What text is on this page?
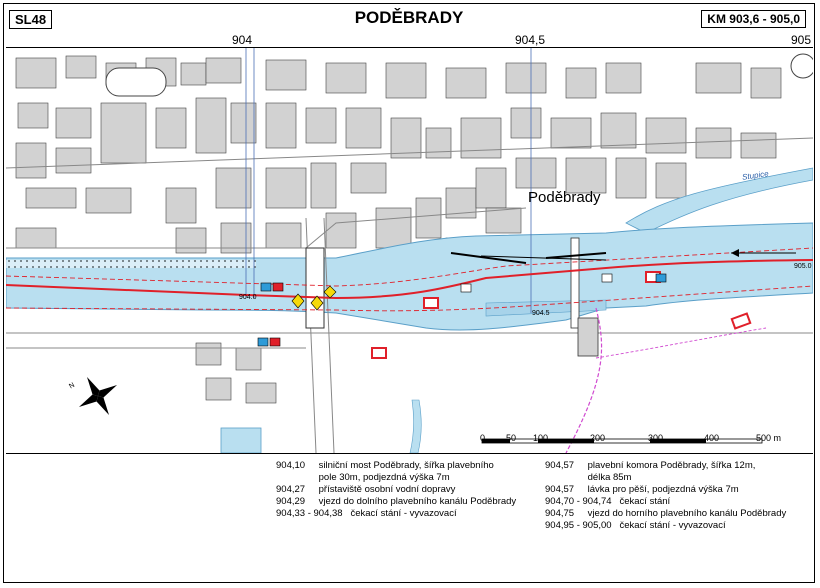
SL48	PODĚBRADY	KM 903,6 - 905,0
904	904,5	905
N
Poděbrady
Stupice
904.0
904.5
905.0
0 50 100	200	300	400	500 m
904,10 silniční most Poděbrady, šířka plavebního
pole 30m, podjezdná výška 7m
904,27 přístaviště osobní vodní dopravy
904,29 vjezd do dolního plavebního kanálu Poděbrady
904,33 - 904,38 čekací stání - vyvazovací
904,57 plavební komora Poděbrady, šířka 12m,
délka 85m
904,57 lávka pro pěší, podjezdná výška 7m
904,70 - 904,74 čekací stání
904,75 vjezd do horního plavebního kanálu Poděbrady
904,95 - 905,00 čekací stání - vyvazovací
